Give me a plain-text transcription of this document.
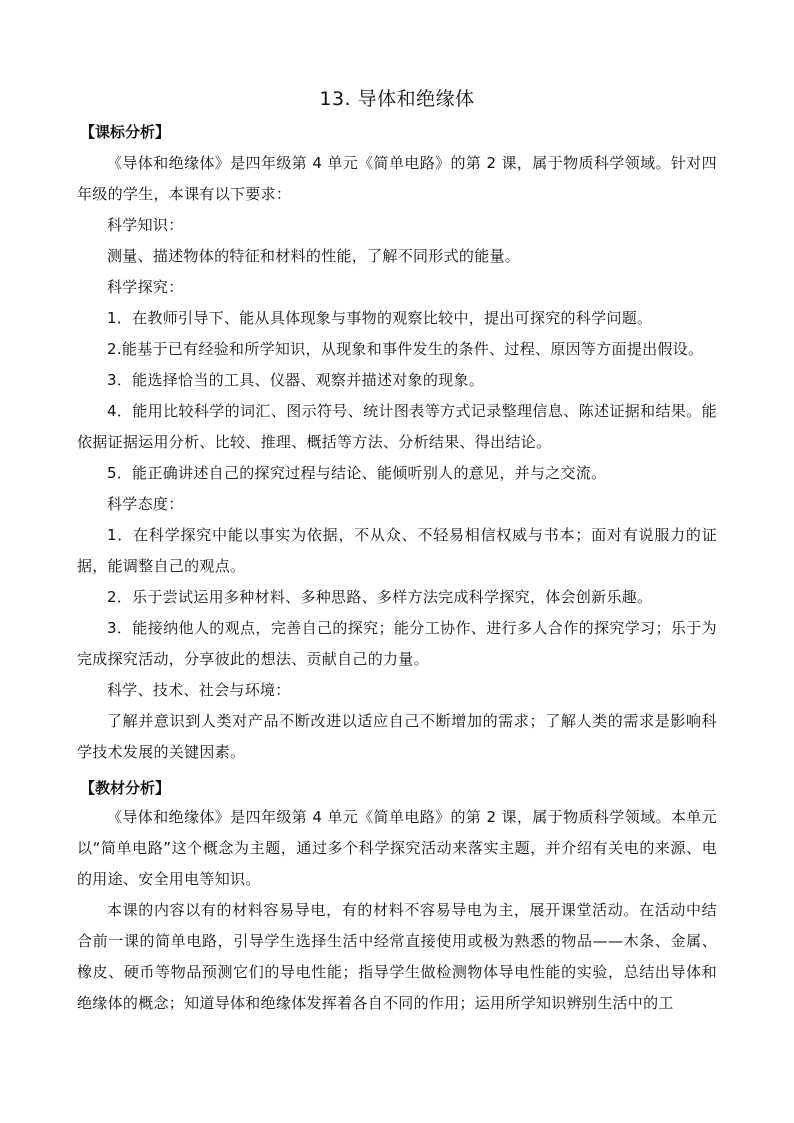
13. 导体和绝缘体
【课标分析】
《导体和绝缘体》是四年级第 4 单元《简单电路》的第 2 课，属于物质科学领域。针对四年级的学生，本课有以下要求：
科学知识：
测量、描述物体的特征和材料的性能，了解不同形式的能量。
科学探究：
1．在教师引导下、能从具体现象与事物的观察比较中，提出可探究的科学问题。
2.能基于已有经验和所学知识，从现象和事件发生的条件、过程、原因等方面提出假设。
3．能选择恰当的工具、仪器、观察并描述对象的现象。
4．能用比较科学的词汇、图示符号、统计图表等方式记录整理信息、陈述证据和结果。能依据证据运用分析、比较、推理、概括等方法、分析结果、得出结论。
5．能正确讲述自己的探究过程与结论、能倾听别人的意见，并与之交流。
科学态度：
1．在科学探究中能以事实为依据，不从众、不轻易相信权威与书本；面对有说服力的证据，能调整自己的观点。
2．乐于尝试运用多种材料、多种思路、多样方法完成科学探究，体会创新乐趣。
3．能接纳他人的观点，完善自己的探究；能分工协作、进行多人合作的探究学习；乐于为完成探究活动，分享彼此的想法、贡献自己的力量。
科学、技术、社会与环境：
了解并意识到人类对产品不断改进以适应自己不断增加的需求；了解人类的需求是影响科学技术发展的关键因素。
【教材分析】
《导体和绝缘体》是四年级第 4 单元《简单电路》的第 2 课，属于物质科学领域。本单元以“简单电路”这个概念为主题，通过多个科学探究活动来落实主题，并介绍有关电的来源、电的用途、安全用电等知识。
本课的内容以有的材料容易导电，有的材料不容易导电为主，展开课堂活动。在活动中结合前一课的简单电路，引导学生选择生活中经常直接使用或极为熟悉的物品——木条、金属、橡皮、硬币等物品预测它们的导电性能；指导学生做检测物体导电性能的实验，总结出导体和绝缘体的概念；知道导体和绝缘体发挥着各自不同的作用；运用所学知识辨别生活中的工
